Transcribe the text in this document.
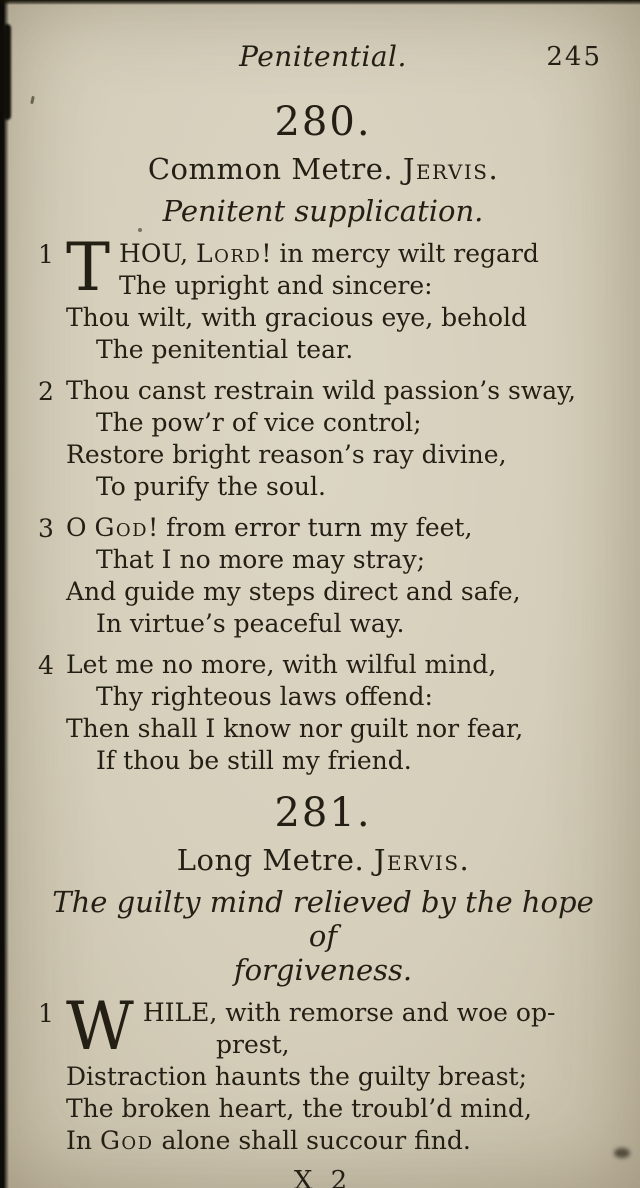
Penitential.	245
280.
Common Metre. Jervis.
Penitent supplication.
1 T HOU, Lord! in mercy wilt regard
The upright and sincere:
Thou wilt, with gracious eye, behold
The penitential tear.
2 Thou canst restrain wild passion’s sway,
The pow’r of vice control;
Restore bright reason’s ray divine,
To purify the soul.
3 O God! from error turn my feet,
That I no more may stray;
And guide my steps direct and safe,
In virtue’s peaceful way.
4 Let me no more, with wilful mind,
Thy righteous laws offend:
Then shall I know nor guilt nor fear,
If thou be still my friend.
281.
Long Metre. Jervis.
The guilty mind relieved by the hope of
forgiveness.
1 W HILE, with remorse and woe op-
prest,
Distraction haunts the guilty breast;
The broken heart, the troubl’d mind,
In God alone shall succour find.
X 2
